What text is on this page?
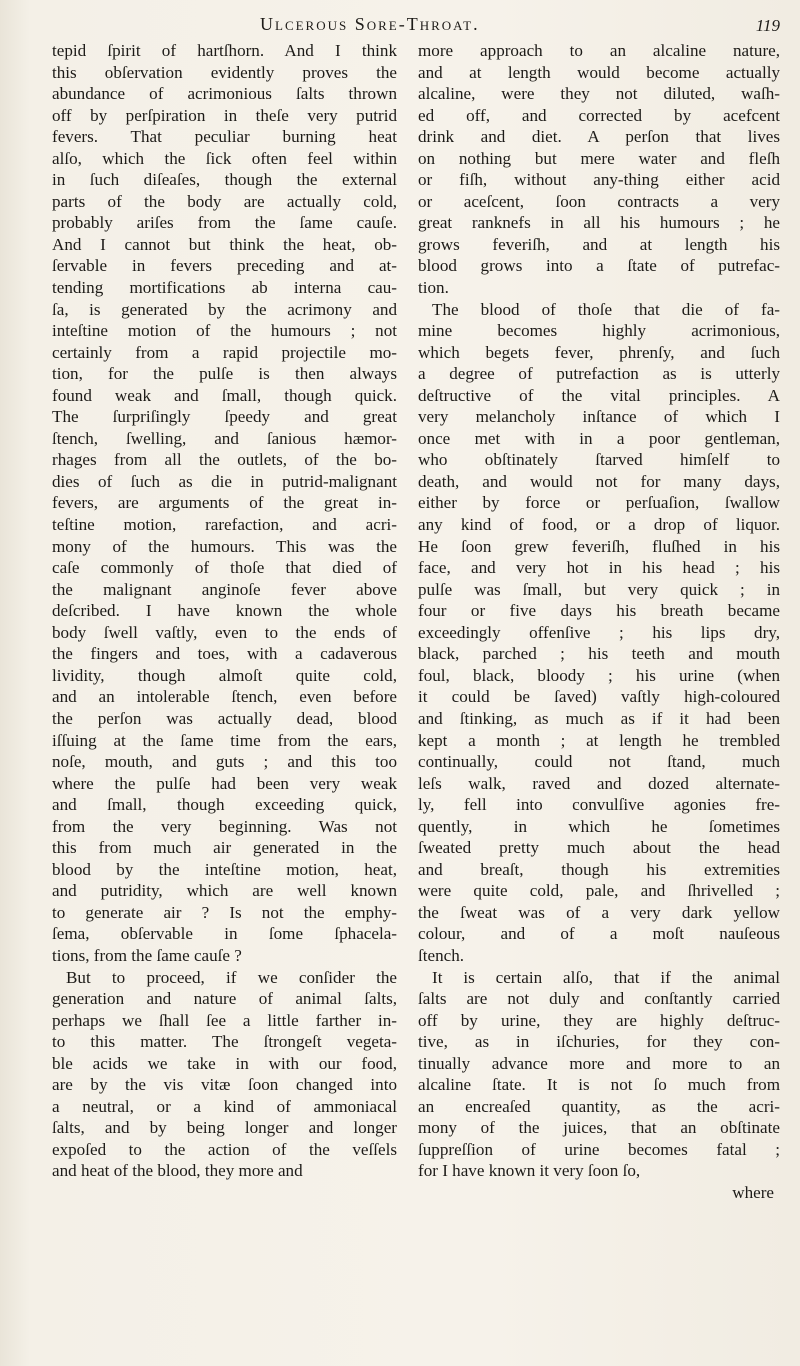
Ulcerous Sore-Throat.	119
tepid ſpirit of hartſhorn. And I think
this obſervation evidently proves the
abundance of acrimonious ſalts thrown
off by perſpiration in theſe very putrid
fevers. That peculiar burning heat
alſo, which the ſick often feel within
in ſuch diſeaſes, though the external
parts of the body are actually cold,
probably ariſes from the ſame cauſe.
And I cannot but think the heat, ob-
ſervable in fevers preceding and at-
tending mortifications ab interna cau-
ſa, is generated by the acrimony and
inteſtine motion of the humours ; not
certainly from a rapid projectile mo-
tion, for the pulſe is then always
found weak and ſmall, though quick.
The ſurpriſingly ſpeedy and great
ſtench, ſwelling, and ſanious hæmor-
rhages from all the outlets, of the bo-
dies of ſuch as die in putrid-malignant
fevers, are arguments of the great in-
teſtine motion, rarefaction, and acri-
mony of the humours. This was the
caſe commonly of thoſe that died of
the malignant anginoſe fever above
deſcribed. I have known the whole
body ſwell vaſtly, even to the ends of
the fingers and toes, with a cadaverous
lividity, though almoſt quite cold,
and an intolerable ſtench, even before
the perſon was actually dead, blood
iſſuing at the ſame time from the ears,
noſe, mouth, and guts ; and this too
where the pulſe had been very weak
and ſmall, though exceeding quick,
from the very beginning. Was not
this from much air generated in the
blood by the inteſtine motion, heat,
and putridity, which are well known
to generate air ? Is not the emphy-
ſema, obſervable in ſome ſphacela-
tions, from the ſame cauſe ?
But to proceed, if we conſider the
generation and nature of animal ſalts,
perhaps we ſhall ſee a little farther in-
to this matter. The ſtrongeſt vegeta-
ble acids we take in with our food,
are by the vis vitæ ſoon changed into
a neutral, or a kind of ammoniacal
ſalts, and by being longer and longer
expoſed to the action of the veſſels
and heat of the blood, they more and
more approach to an alcaline nature,
and at length would become actually
alcaline, were they not diluted, waſh-
ed off, and corrected by acefcent
drink and diet. A perſon that lives
on nothing but mere water and fleſh
or fiſh, without any-thing either acid
or aceſcent, ſoon contracts a very
great ranknefs in all his humours ; he
grows feveriſh, and at length his
blood grows into a ſtate of putrefac-
tion.
The blood of thoſe that die of fa-
mine becomes highly acrimonious,
which begets fever, phrenſy, and ſuch
a degree of putrefaction as is utterly
deſtructive of the vital principles. A
very melancholy inſtance of which I
once met with in a poor gentleman,
who obſtinately ſtarved himſelf to
death, and would not for many days,
either by force or perſuaſion, ſwallow
any kind of food, or a drop of liquor.
He ſoon grew feveriſh, fluſhed in his
face, and very hot in his head ; his
pulſe was ſmall, but very quick ; in
four or five days his breath became
exceedingly offenſive ; his lips dry,
black, parched ; his teeth and mouth
foul, black, bloody ; his urine (when
it could be ſaved) vaſtly high-coloured
and ſtinking, as much as if it had been
kept a month ; at length he trembled
continually, could not ſtand, much
leſs walk, raved and dozed alternate-
ly, fell into convulſive agonies fre-
quently, in which he ſometimes
ſweated pretty much about the head
and breaſt, though his extremities
were quite cold, pale, and ſhrivelled ;
the ſweat was of a very dark yellow
colour, and of a moſt nauſeous
ſtench.
It is certain alſo, that if the animal
ſalts are not duly and conſtantly carried
off by urine, they are highly deſtruc-
tive, as in iſchuries, for they con-
tinually advance more and more to an
alcaline ſtate. It is not ſo much from
an encreaſed quantity, as the acri-
mony of the juices, that an obſtinate
ſuppreſſion of urine becomes fatal ;
for I have known it very ſoon ſo,
where
